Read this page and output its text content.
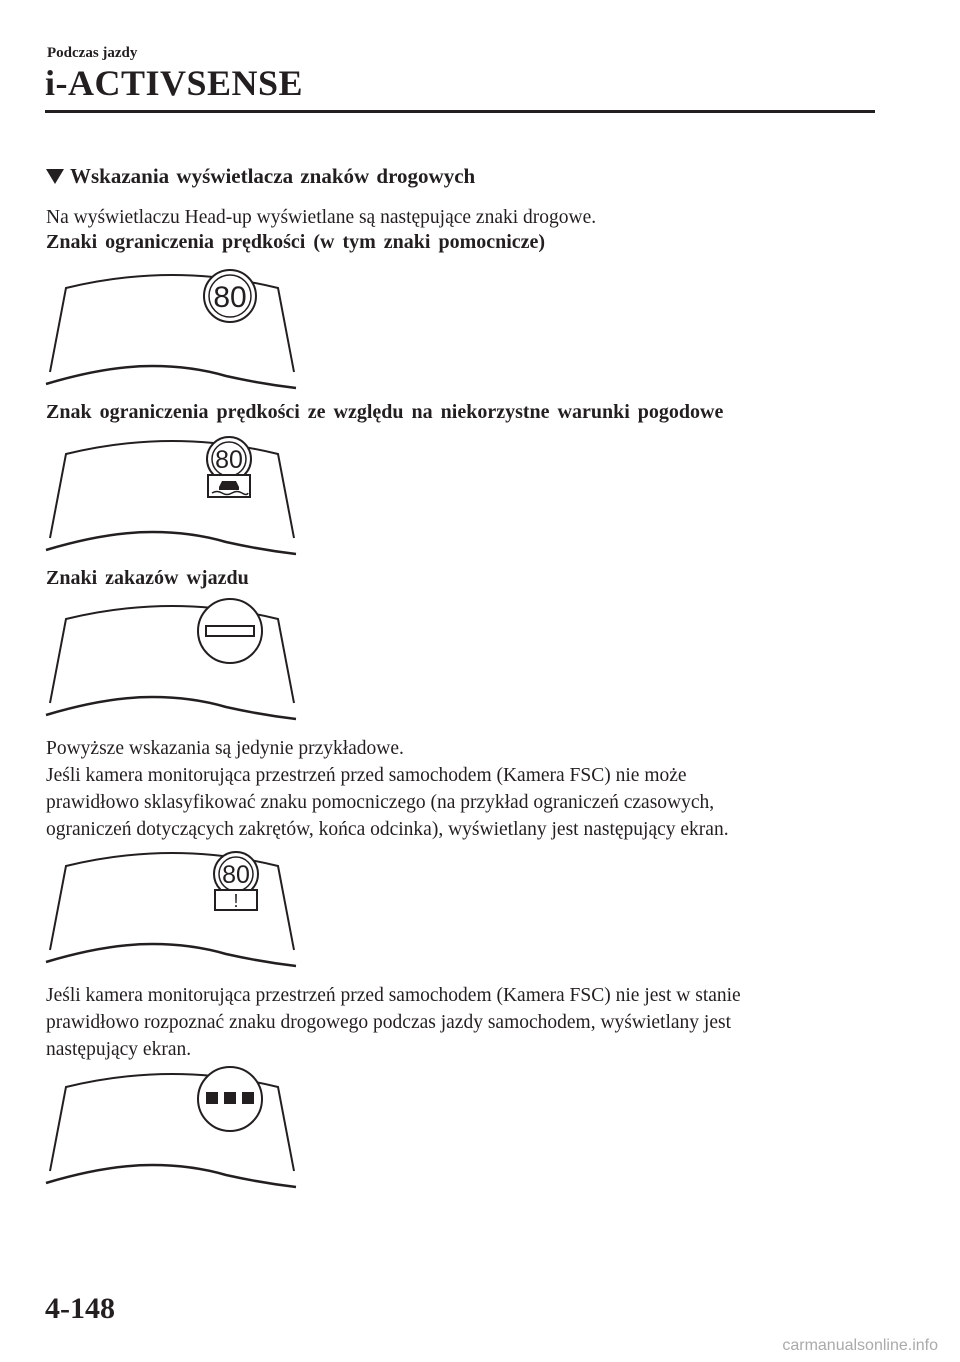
Podczas jazdy
i-ACTIVSENSE
Wskazania wyświetlacza znaków drogowych
Na wyświetlaczu Head-up wyświetlane są następujące znaki drogowe.
Znaki ograniczenia prędkości (w tym znaki pomocnicze)
80
Znak ograniczenia prędkości ze względu na niekorzystne warunki pogodowe
80
Znaki zakazów wjazdu
Powyższe wskazania są jedynie przykładowe.
Jeśli kamera monitorująca przestrzeń przed samochodem (Kamera FSC) nie może
prawidłowo sklasyfikować znaku pomocniczego (na przykład ograniczeń czasowych,
ograniczeń dotyczących zakrętów, końca odcinka), wyświetlany jest następujący ekran.
80
!
Jeśli kamera monitorująca przestrzeń przed samochodem (Kamera FSC) nie jest w stanie
prawidłowo rozpoznać znaku drogowego podczas jazdy samochodem, wyświetlany jest
następujący ekran.
4-148
carmanualsonline.info
